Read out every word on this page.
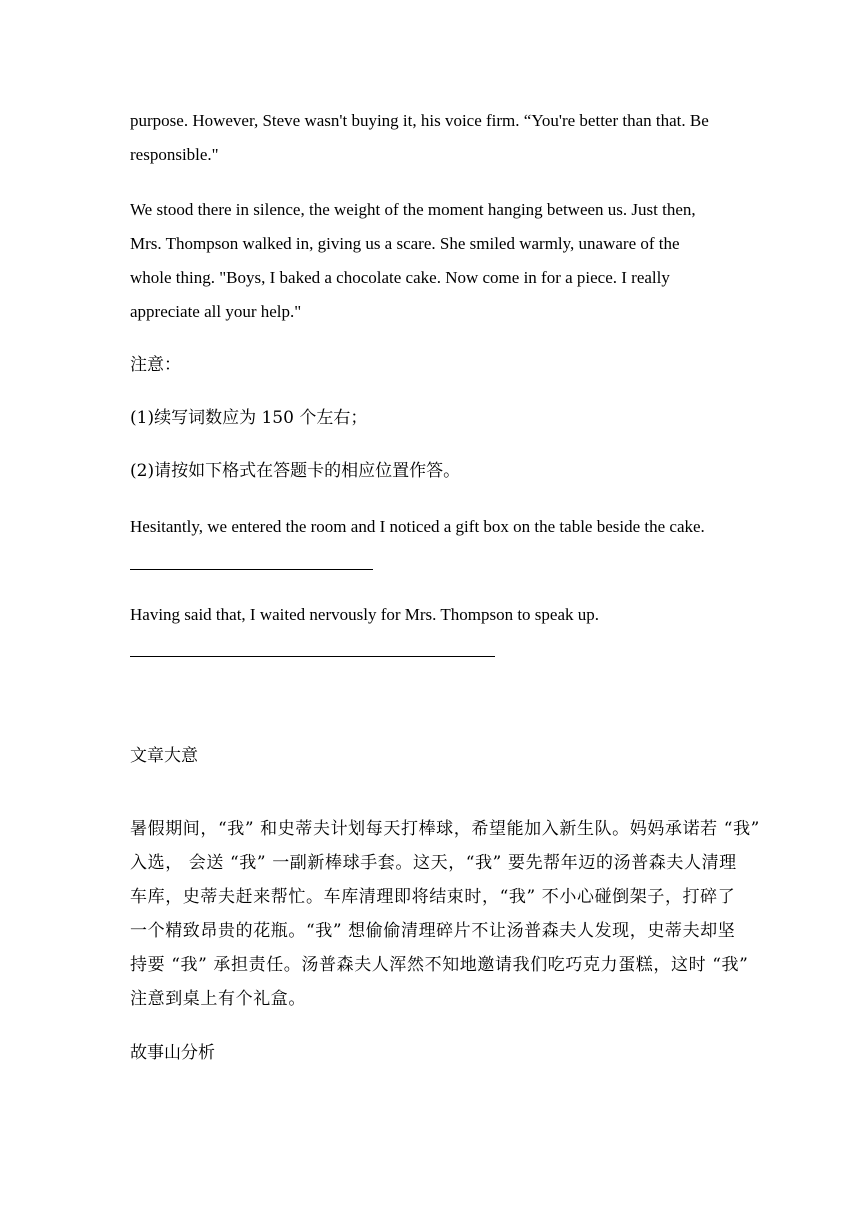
purpose. However, Steve wasn't buying it, his voice firm. “You're better than that. Be
responsible."
We stood there in silence, the weight of the moment hanging between us. Just then,
Mrs. Thompson walked in, giving us a scare. She smiled warmly, unaware of the
whole thing. "Boys, I baked a chocolate cake. Now come in for a piece. I really
appreciate all your help."
注意：
(1)续写词数应为 150 个左右；
(2)请按如下格式在答题卡的相应位置作答。
Hesitantly, we entered the room and I noticed a gift box on the table beside the cake.
Having said that, I waited nervously for Mrs. Thompson to speak up.
文章大意
暑假期间，“我” 和史蒂夫计划每天打棒球，希望能加入新生队。妈妈承诺若 “我”
入选， 会送 “我” 一副新棒球手套。这天，“我” 要先帮年迈的汤普森夫人清理
车库，史蒂夫赶来帮忙。车库清理即将结束时，“我” 不小心碰倒架子，打碎了
一个精致昂贵的花瓶。“我” 想偷偷清理碎片不让汤普森夫人发现，史蒂夫却坚
持要 “我” 承担责任。汤普森夫人浑然不知地邀请我们吃巧克力蛋糕，这时 “我”
注意到桌上有个礼盒。
故事山分析
